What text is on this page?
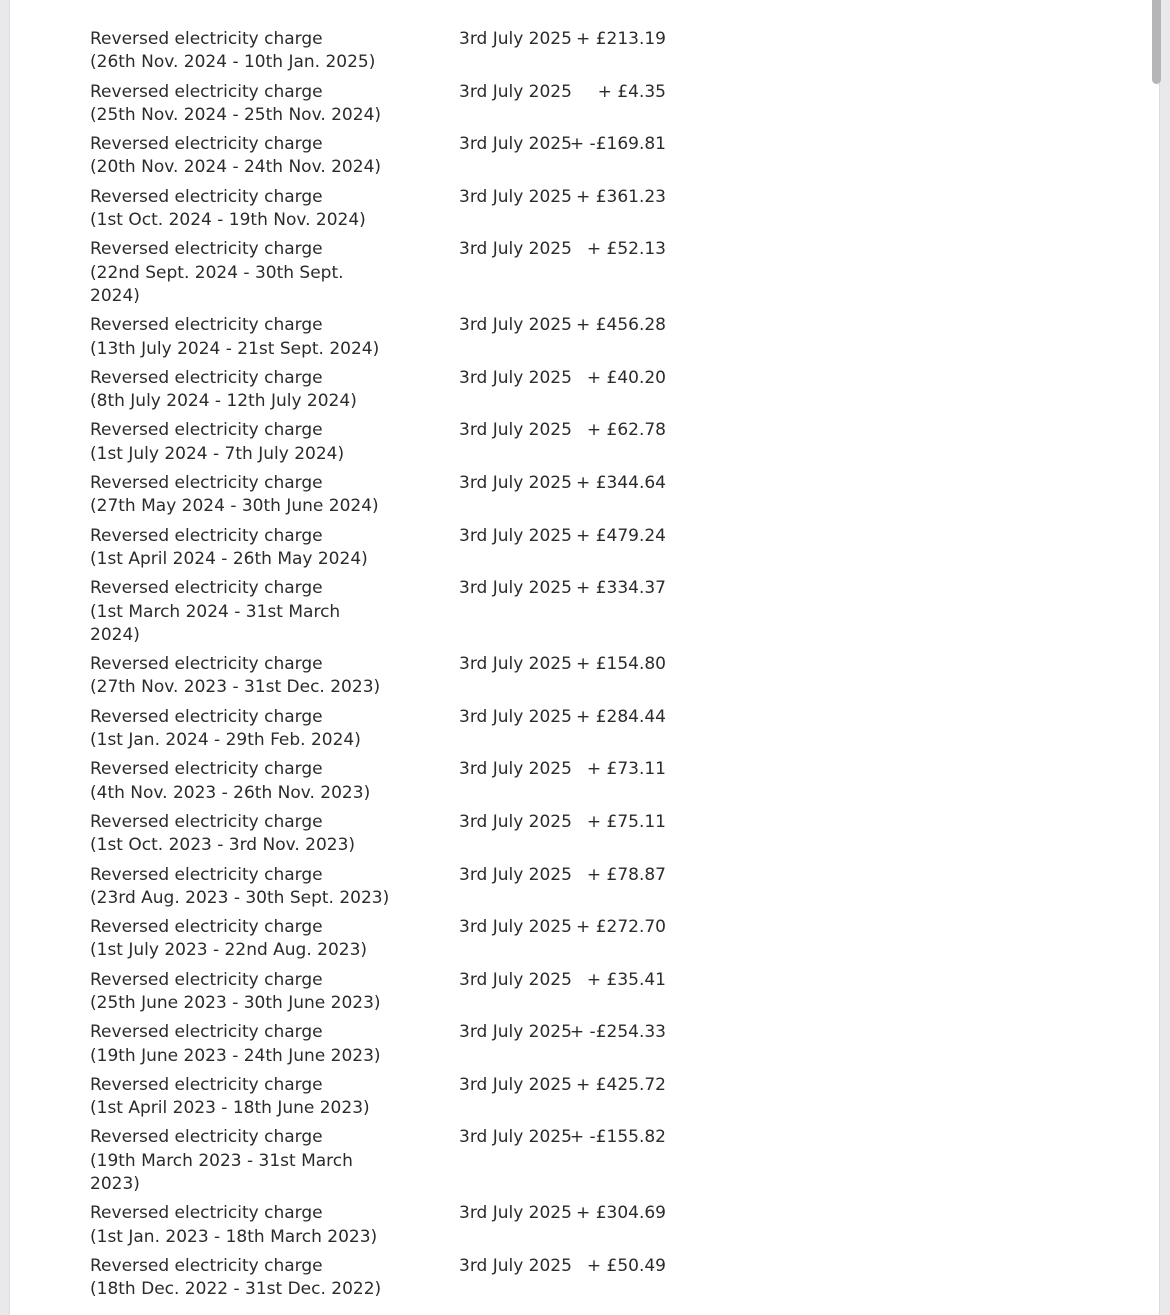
Reversed electricity charge
(26th Nov. 2024 - 10th Jan. 2025)
3rd July 2025 + £213.19
Reversed electricity charge
(25th Nov. 2024 - 25th Nov. 2024)
3rd July 2025 + £4.35
Reversed electricity charge
(20th Nov. 2024 - 24th Nov. 2024)
3rd July 2025
+ -£169.81
Reversed electricity charge
(1st Oct. 2024 - 19th Nov. 2024)
3rd July 2025 + £361.23
Reversed electricity charge
(22nd Sept. 2024 - 30th Sept. 2024)
3rd July 2025 + £52.13
Reversed electricity charge
(13th July 2024 - 21st Sept. 2024)
3rd July 2025 + £456.28
Reversed electricity charge
(8th July 2024 - 12th July 2024)
3rd July 2025 + £40.20
Reversed electricity charge
(1st July 2024 - 7th July 2024)
3rd July 2025 + £62.78
Reversed electricity charge
(27th May 2024 - 30th June 2024)
3rd July 2025 + £344.64
Reversed electricity charge
(1st April 2024 - 26th May 2024)
3rd July 2025 + £479.24
Reversed electricity charge
(1st March 2024 - 31st March 2024)
3rd July 2025 + £334.37
Reversed electricity charge
(27th Nov. 2023 - 31st Dec. 2023)
3rd July 2025 + £154.80
Reversed electricity charge
(1st Jan. 2024 - 29th Feb. 2024)
3rd July 2025 + £284.44
Reversed electricity charge
(4th Nov. 2023 - 26th Nov. 2023)
3rd July 2025 + £73.11
Reversed electricity charge
(1st Oct. 2023 - 3rd Nov. 2023)
3rd July 2025 + £75.11
Reversed electricity charge
(23rd Aug. 2023 - 30th Sept. 2023)
3rd July 2025 + £78.87
Reversed electricity charge
(1st July 2023 - 22nd Aug. 2023)
3rd July 2025 + £272.70
Reversed electricity charge
(25th June 2023 - 30th June 2023)
3rd July 2025 + £35.41
Reversed electricity charge
(19th June 2023 - 24th June 2023)
3rd July 2025
+ -£254.33
Reversed electricity charge
(1st April 2023 - 18th June 2023)
3rd July 2025 + £425.72
Reversed electricity charge
(19th March 2023 - 31st March 2023)
3rd July 2025
+ -£155.82
Reversed electricity charge
(1st Jan. 2023 - 18th March 2023)
3rd July 2025 + £304.69
Reversed electricity charge
(18th Dec. 2022 - 31st Dec. 2022)
3rd July 2025 + £50.49
